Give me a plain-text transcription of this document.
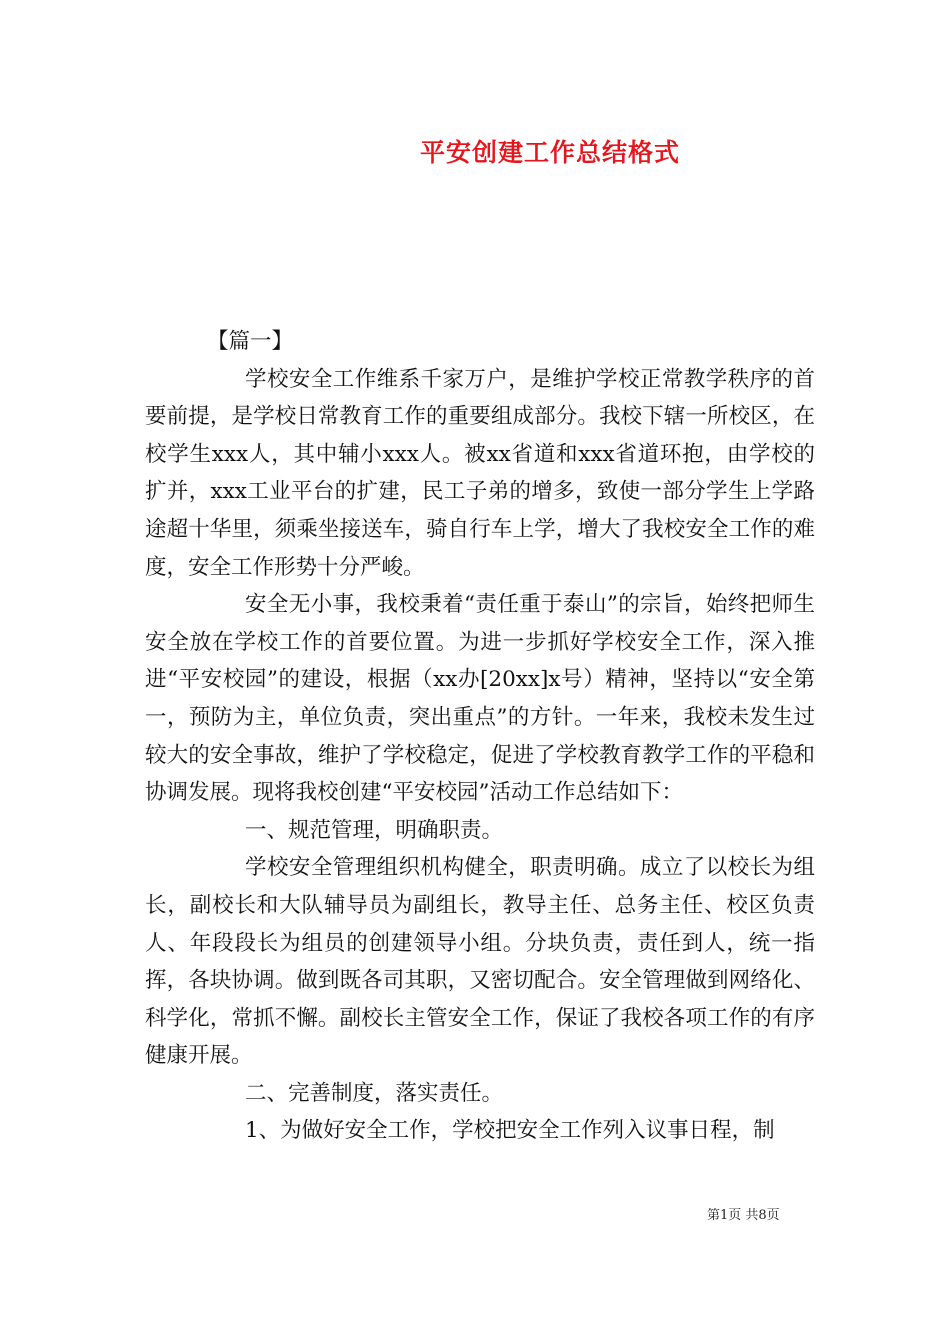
平安创建工作总结格式

【篇一】

学校安全工作维系千家万户，是维护学校正常教学秩序的首要前提，是学校日常教育工作的重要组成部分。我校下辖一所校区，在校学生xxx人，其中辅小xxx人。被xx省道和xxx省道环抱，由学校的扩并，xxx工业平台的扩建，民工子弟的增多，致使一部分学生上学路途超十华里，须乘坐接送车，骑自行车上学，增大了我校安全工作的难度，安全工作形势十分严峻。

安全无小事，我校秉着“责任重于泰山”的宗旨，始终把师生安全放在学校工作的首要位置。为进一步抓好学校安全工作，深入推进“平安校园”的建设，根据（xx办[20xx]x号）精神，坚持以“安全第一，预防为主，单位负责，突出重点”的方针。一年来，我校未发生过较大的安全事故，维护了学校稳定，促进了学校教育教学工作的平稳和协调发展。现将我校创建“平安校园”活动工作总结如下：

一、规范管理，明确职责。

学校安全管理组织机构健全，职责明确。成立了以校长为组长，副校长和大队辅导员为副组长，教导主任、总务主任、校区负责人、年段段长为组员的创建领导小组。分块负责，责任到人，统一指挥，各块协调。做到既各司其职，又密切配合。安全管理做到网络化、科学化，常抓不懈。副校长主管安全工作，保证了我校各项工作的有序健康开展。

二、完善制度，落实责任。

1、为做好安全工作，学校把安全工作列入议事日程，制

第1页 共8页
